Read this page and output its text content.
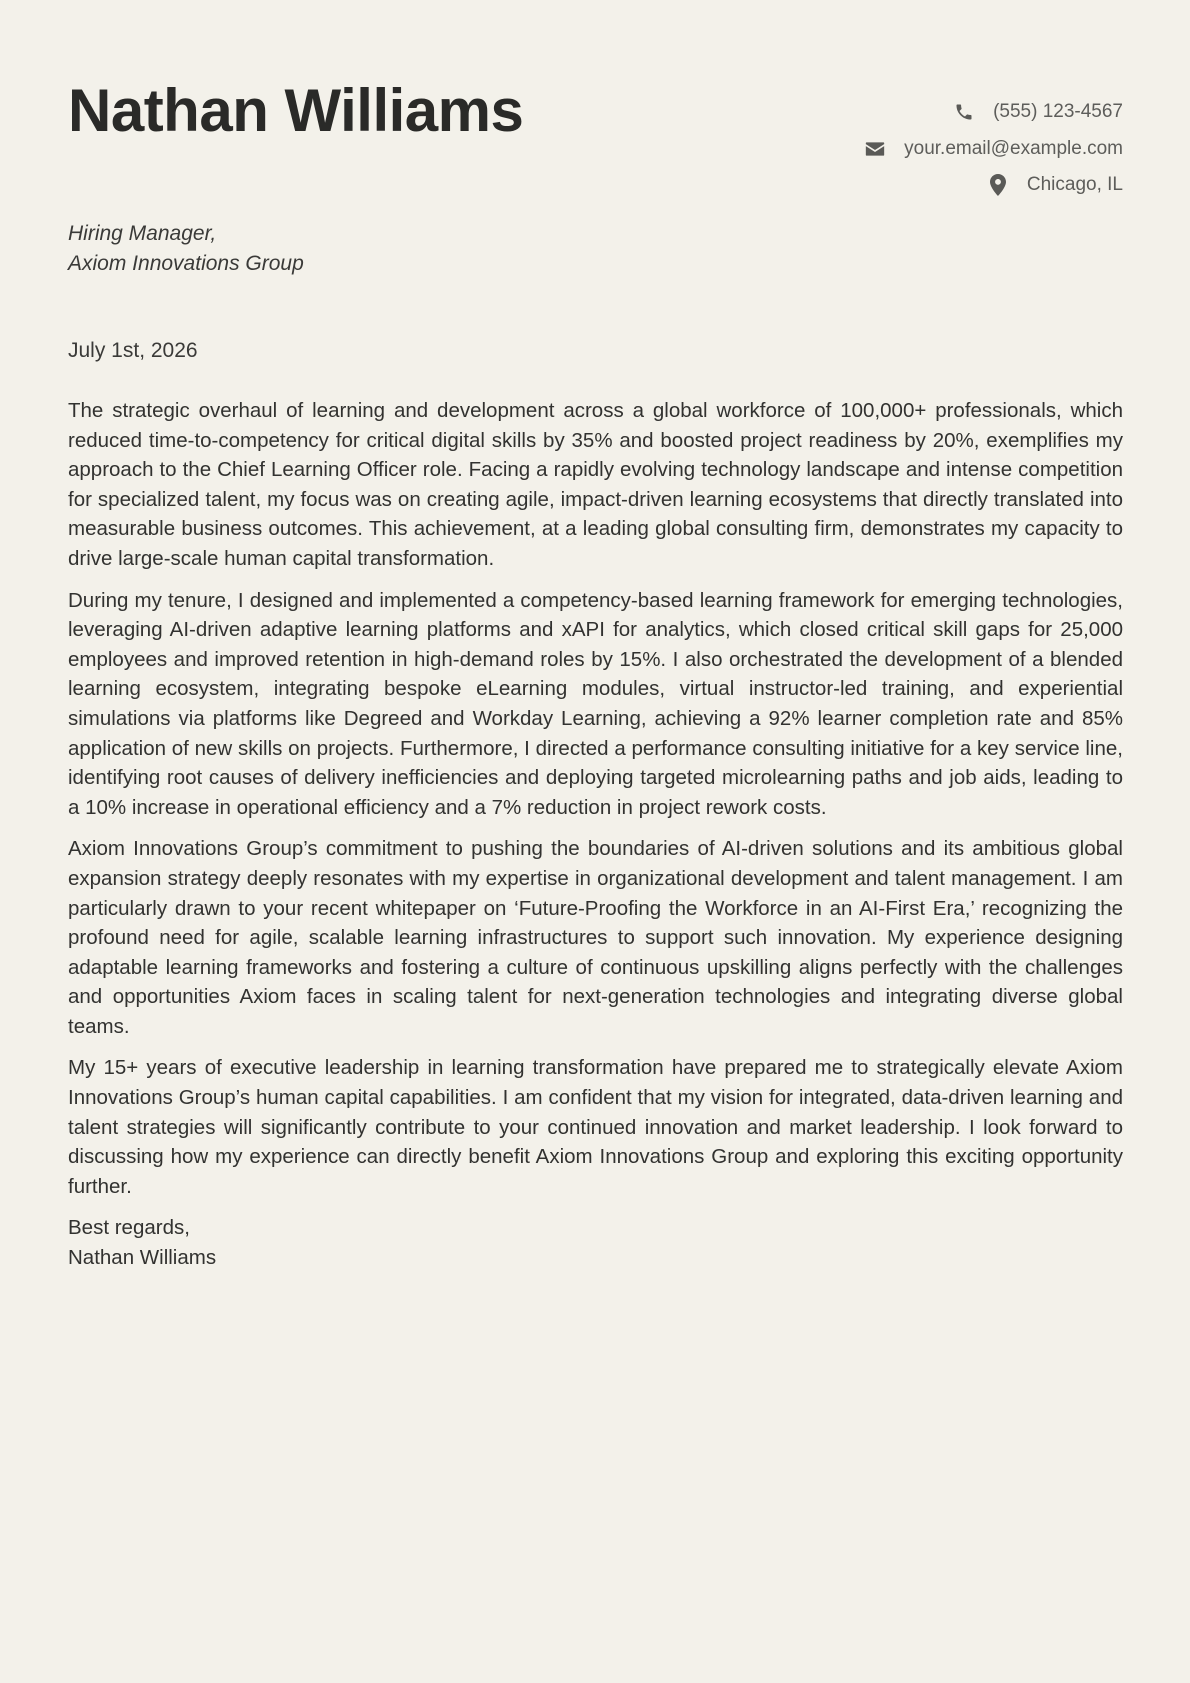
Nathan Williams	(555) 123-4567
your.email@example.com
Chicago, IL
Hiring Manager,
Axiom Innovations Group
July 1st, 2026

The strategic overhaul of learning and development across a global workforce of 100,000+ professionals, which reduced time-to-competency for critical digital skills by 35% and boosted project readiness by 20%, exemplifies my approach to the Chief Learning Officer role. Facing a rapidly evolving technology landscape and intense competition for specialized talent, my focus was on creating agile, impact-driven learning ecosystems that directly translated into measurable business outcomes. This achievement, at a leading global consulting firm, demonstrates my capacity to drive large-scale human capital transformation.

During my tenure, I designed and implemented a competency-based learning framework for emerging technologies, leveraging AI-driven adaptive learning platforms and xAPI for analytics, which closed critical skill gaps for 25,000 employees and improved retention in high-demand roles by 15%. I also orchestrated the development of a blended learning ecosystem, integrating bespoke eLearning modules, virtual instructor-led training, and experiential simulations via platforms like Degreed and Workday Learning, achieving a 92% learner completion rate and 85% application of new skills on projects. Furthermore, I directed a performance consulting initiative for a key service line, identifying root causes of delivery inefficiencies and deploying targeted microlearning paths and job aids, leading to a 10% increase in operational efficiency and a 7% reduction in project rework costs.

Axiom Innovations Group’s commitment to pushing the boundaries of AI-driven solutions and its ambitious global expansion strategy deeply resonates with my expertise in organizational development and talent management. I am particularly drawn to your recent whitepaper on ‘Future-Proofing the Workforce in an AI-First Era,’ recognizing the profound need for agile, scalable learning infrastructures to support such innovation. My experience designing adaptable learning frameworks and fostering a culture of continuous upskilling aligns perfectly with the challenges and opportunities Axiom faces in scaling talent for next-generation technologies and integrating diverse global teams.

My 15+ years of executive leadership in learning transformation have prepared me to strategically elevate Axiom Innovations Group’s human capital capabilities. I am confident that my vision for integrated, data-driven learning and talent strategies will significantly contribute to your continued innovation and market leadership. I look forward to discussing how my experience can directly benefit Axiom Innovations Group and exploring this exciting opportunity further.

Best regards,
Nathan Williams
